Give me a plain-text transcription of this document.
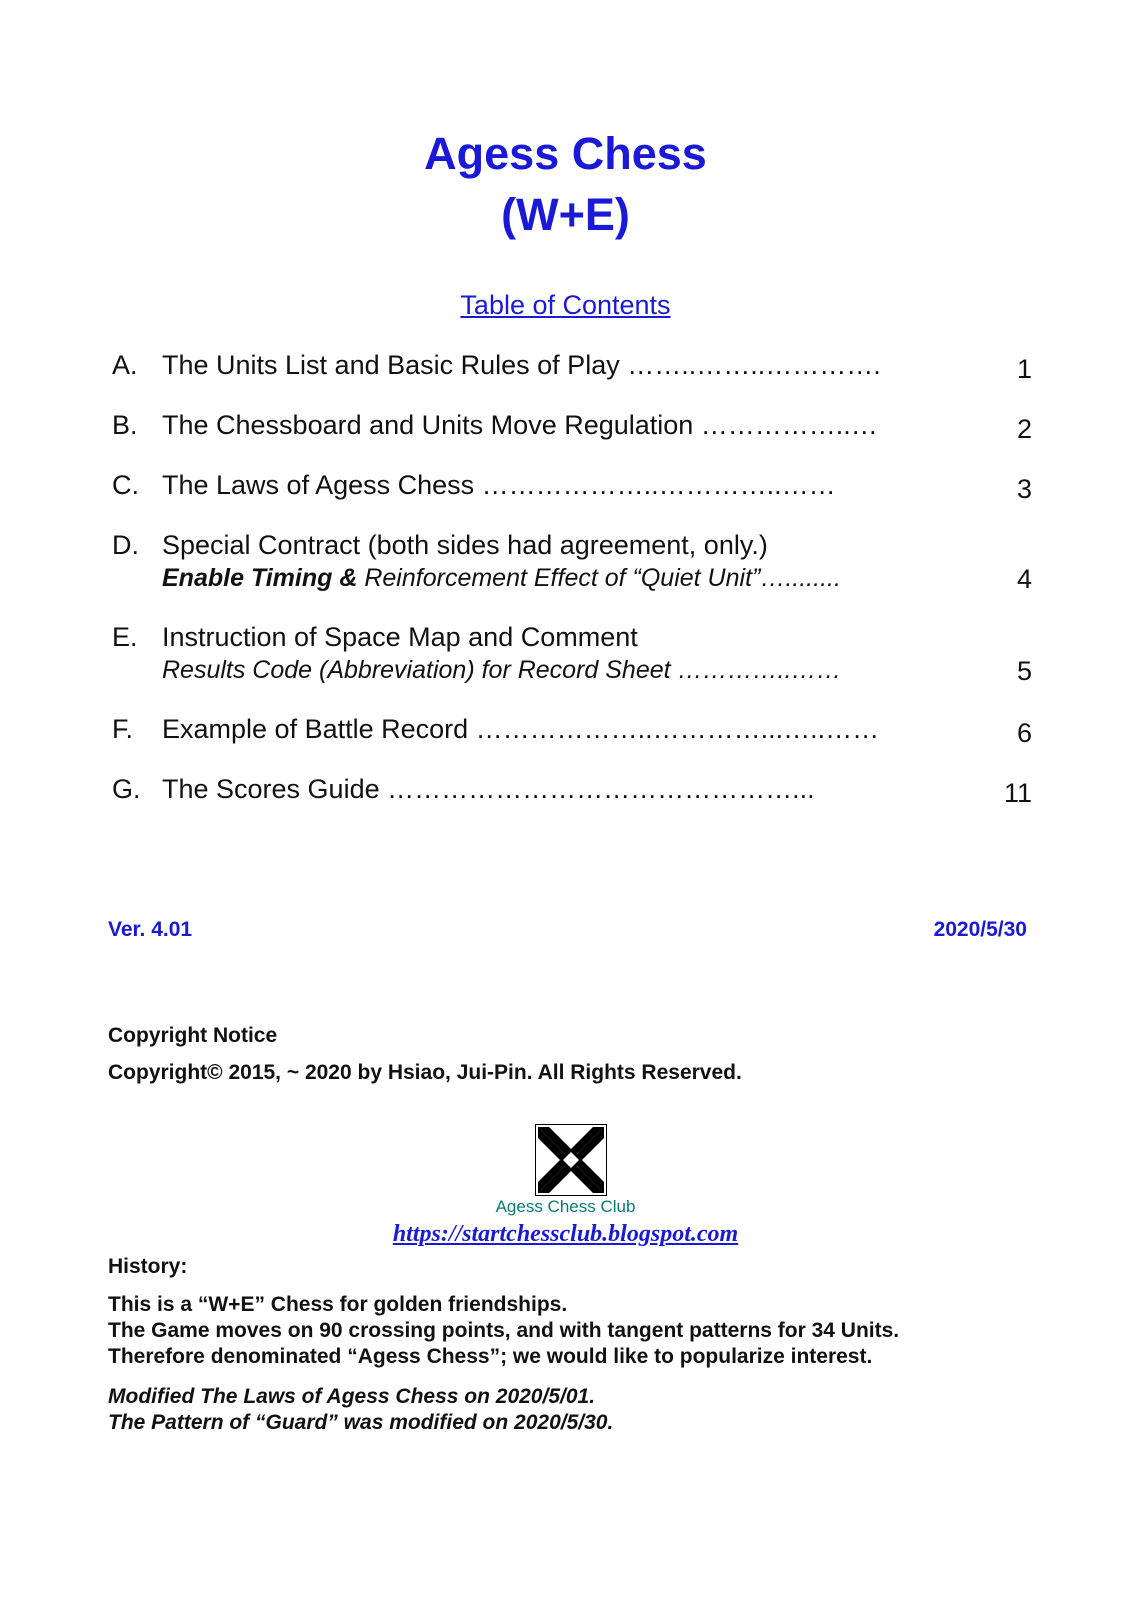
Agess Chess
(W+E)
Table of Contents
A. The Units List and Basic Rules of Play ……..……..………….	1
B. The Chessboard and Units Move Regulation ……………..…	2
C. The Laws of Agess Chess ………………..…………..……	3
D. Special Contract (both sides had agreement, only.)
Enable Timing & Reinforcement Effect of “Quiet Unit”…........	4
E. Instruction of Space Map and Comment
Results Code (Abbreviation) for Record Sheet …………..……	5
F. Example of Battle Record ………………..…………...…..……	6
G. The Scores Guide ………………………………………...	11
Ver. 4.01	2020/5/30
Copyright Notice
Copyright© 2015, ~ 2020 by Hsiao, Jui-Pin. All Rights Reserved.
Agess Chess Club
https://startchessclub.blogspot.com
History:
This is a “W+E” Chess for golden friendships.
The Game moves on 90 crossing points, and with tangent patterns for 34 Units.
Therefore denominated “Agess Chess”; we would like to popularize interest.
Modified The Laws of Agess Chess on 2020/5/01.
The Pattern of “Guard” was modified on 2020/5/30.
